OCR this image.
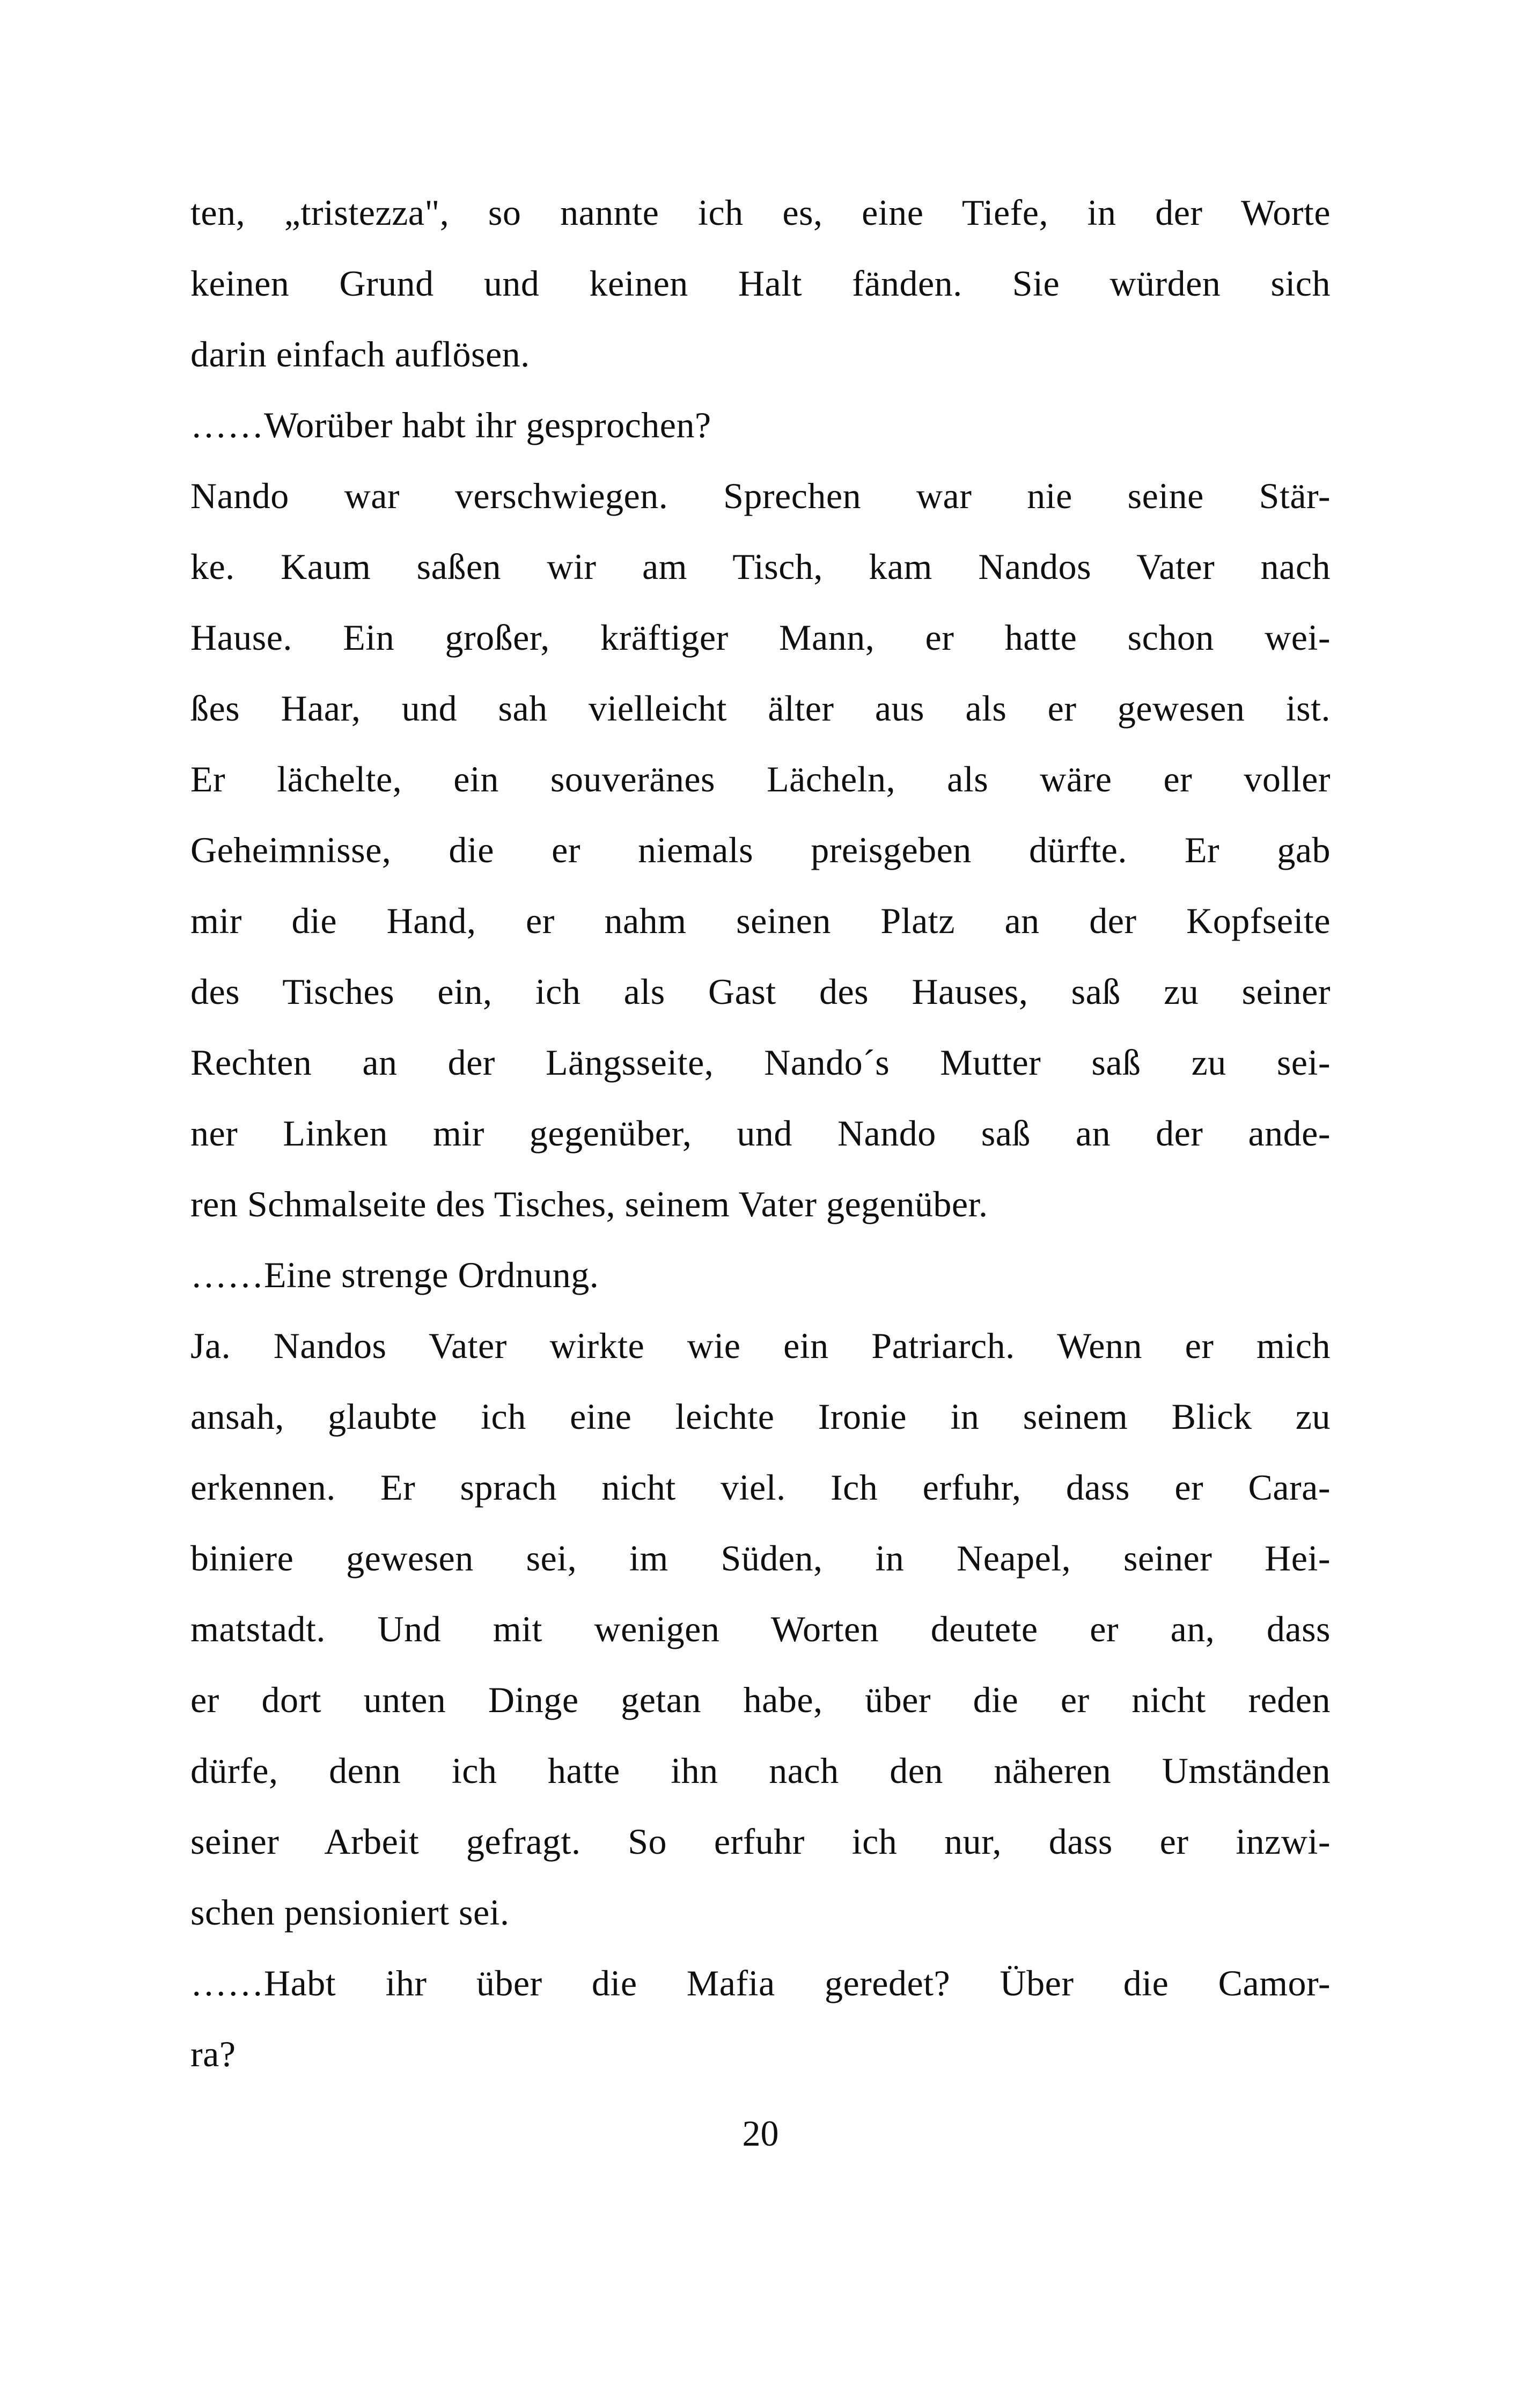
ten, „tristezza", so nannte ich es, eine Tiefe, in der Worte
keinen Grund und keinen Halt fänden. Sie würden sich
darin einfach auflösen.
……Worüber habt ihr gesprochen?
Nando war verschwiegen. Sprechen war nie seine Stär-
ke. Kaum saßen wir am Tisch, kam Nandos Vater nach
Hause. Ein großer, kräftiger Mann, er hatte schon wei-
ßes Haar, und sah vielleicht älter aus als er gewesen ist.
Er lächelte, ein souveränes Lächeln, als wäre er voller
Geheimnisse, die er niemals preisgeben dürfte. Er gab
mir die Hand, er nahm seinen Platz an der Kopfseite
des Tisches ein, ich als Gast des Hauses, saß zu seiner
Rechten an der Längsseite, Nando´s Mutter saß zu sei-
ner Linken mir gegenüber, und Nando saß an der ande-
ren Schmalseite des Tisches, seinem Vater gegenüber.
……Eine strenge Ordnung.
Ja. Nandos Vater wirkte wie ein Patriarch. Wenn er mich
ansah, glaubte ich eine leichte Ironie in seinem Blick zu
erkennen. Er sprach nicht viel. Ich erfuhr, dass er Cara-
biniere gewesen sei, im Süden, in Neapel, seiner Hei-
matstadt. Und mit wenigen Worten deutete er an, dass
er dort unten Dinge getan habe, über die er nicht reden
dürfe, denn ich hatte ihn nach den näheren Umständen
seiner Arbeit gefragt. So erfuhr ich nur, dass er inzwi-
schen pensioniert sei.
……Habt ihr über die Mafia geredet? Über die Camor-
ra?
20
